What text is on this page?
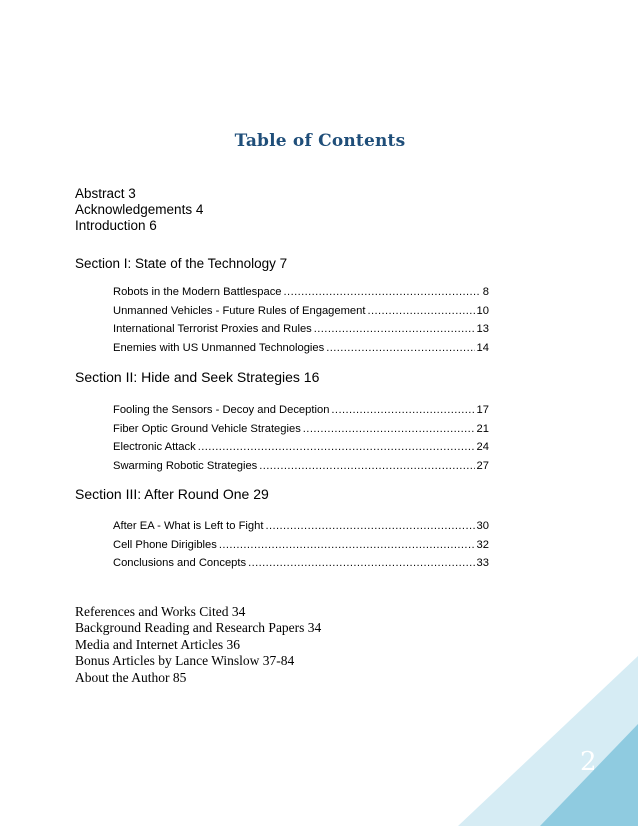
Table of Contents
Abstract 3
Acknowledgements 4
Introduction 6
Section I: State of the Technology 7
Robots in the Modern Battlespace .....	8
Unmanned Vehicles - Future Rules of Engagement .....	10
International Terrorist Proxies and Rules .....	13
Enemies with US Unmanned Technologies .....	14
Section II: Hide and Seek Strategies 16
Fooling the Sensors - Decoy and Deception .....	17
Fiber Optic Ground Vehicle Strategies .....	21
Electronic Attack .....	24
Swarming Robotic Strategies .....	27
Section III: After Round One 29
After EA - What is Left to Fight .....	30
Cell Phone Dirigibles .....	32
Conclusions and Concepts .....	33
References and Works Cited 34
Background Reading and Research Papers 34
Media and Internet Articles 36
Bonus Articles by Lance Winslow 37-84
About the Author 85
2
